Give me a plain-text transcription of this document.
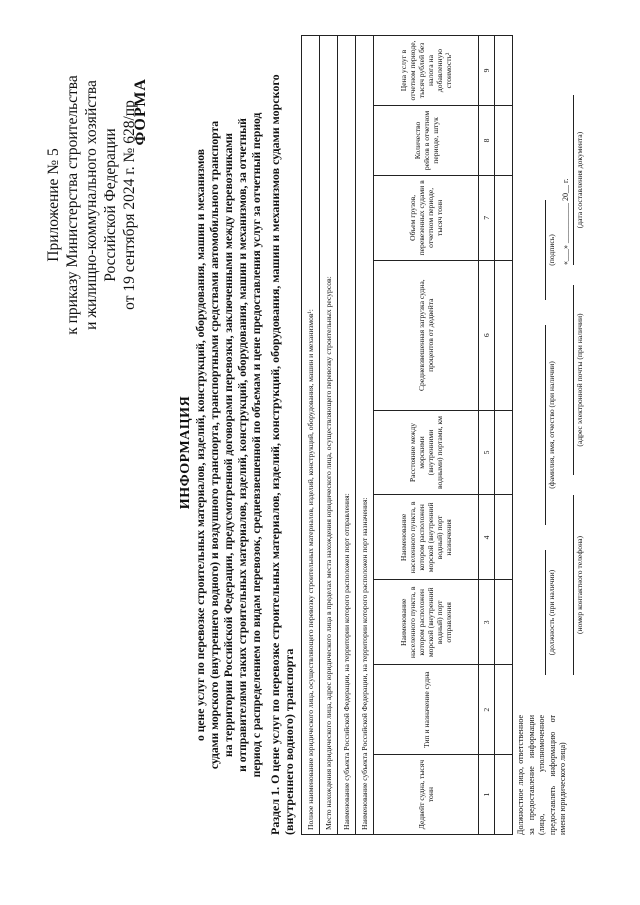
Приложение № 5 к приказу Министерства строительства и жилищно-коммунального хозяйства Российской Федерации от 19 сентября 2024 г. № 628/пр
ФОРМА
ИНФОРМАЦИЯ о цене услуг по перевозке строительных материалов, изделий, конструкций, оборудования, машин и механизмов судами морского (внутреннего водного) и воздушного транспорта, транспортными средствами автомобильного транспорта на территории Российской Федерации, предусмотренной договорами перевозки, заключенными между перевозчиками и отправителями таких строительных материалов, изделий, конструкций, оборудования, машин и механизмов, за отчетный период с распределением по видам перевозок, средневзвешенной по объемам и цене предоставления услуг за отчетный период Раздел 1. О цене услуг по перевозке строительных материалов, изделий, конструкций, оборудования, машин и механизмов судами морского (внутреннего водного) транспорта Полное наименование юридического лица, осуществляющего перевозку строительных материалов, изделий, конструкций, оборудования, машин и механизмов¹:								
Место нахождения юридического лица, адрес юридического лица в пределах места нахождения юридического лица, осуществляющего перевозку строительных ресурсов:								
Наименование субъекта Российской Федерации, на территории которого расположен порт отправления:								
Наименование субъекта Российской Федерации, на территории которого расположен порт назначения:								
Дедвейт судна, тысяч тонн	Тип и назначение судна	Наименование населенного пункта, в котором расположен морской (внутренний водный) порт отправления	Наименование населенного пункта, в котором расположен морской (внутренний водный) порт назначения	Расстояние между морскими (внутренними водными) портами, км	Средневзвешенная загрузка судна, процентов от дедвейта	Объем грузов, перевезенных судами в отчетном периоде, тысяч тонн	Количество рейсов в отчетном периоде, штук	Цена услуг в отчетном периоде, тысяч рублей без налога на добавленную стоимость²
1	2	3	4	5	6	7	8	9

Должностное лицо, ответственное за предоставление информации (лицо, уполномоченное предоставлять информацию от имени юридического лица)
(должность (при наличии)
(фамилия, имя, отчество (при наличии)
(подпись)
(номер контактного телефона)
(адрес электронной почты (при наличии)
«___» __________ 20__ г. (дата составления документа)
